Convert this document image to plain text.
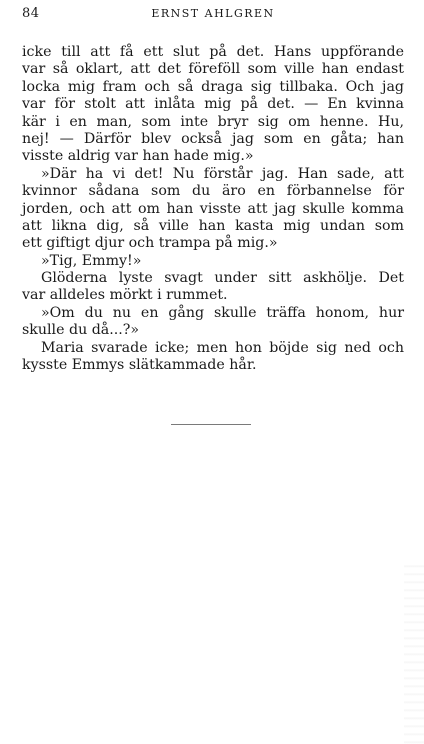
84	ERNST AHLGREN
icke till att få ett slut på det. Hans uppförande
var så oklart, att det föreföll som ville han endast
locka mig fram och så draga sig tillbaka. Och jag
var för stolt att inlåta mig på det. — En kvinna
kär i en man, som inte bryr sig om henne. Hu,
nej! — Därför blev också jag som en gåta; han
visste aldrig var han hade mig.»
»Där ha vi det! Nu förstår jag. Han sade, att
kvinnor sådana som du äro en förbannelse för
jorden, och att om han visste att jag skulle komma
att likna dig, så ville han kasta mig undan som
ett giftigt djur och trampa på mig.»
»Tig, Emmy!»
Glöderna lyste svagt under sitt askhölje. Det
var alldeles mörkt i rummet.
»Om du nu en gång skulle träffa honom, hur
skulle du då...?»
Maria svarade icke; men hon böjde sig ned och
kysste Emmys slätkammade hår.
